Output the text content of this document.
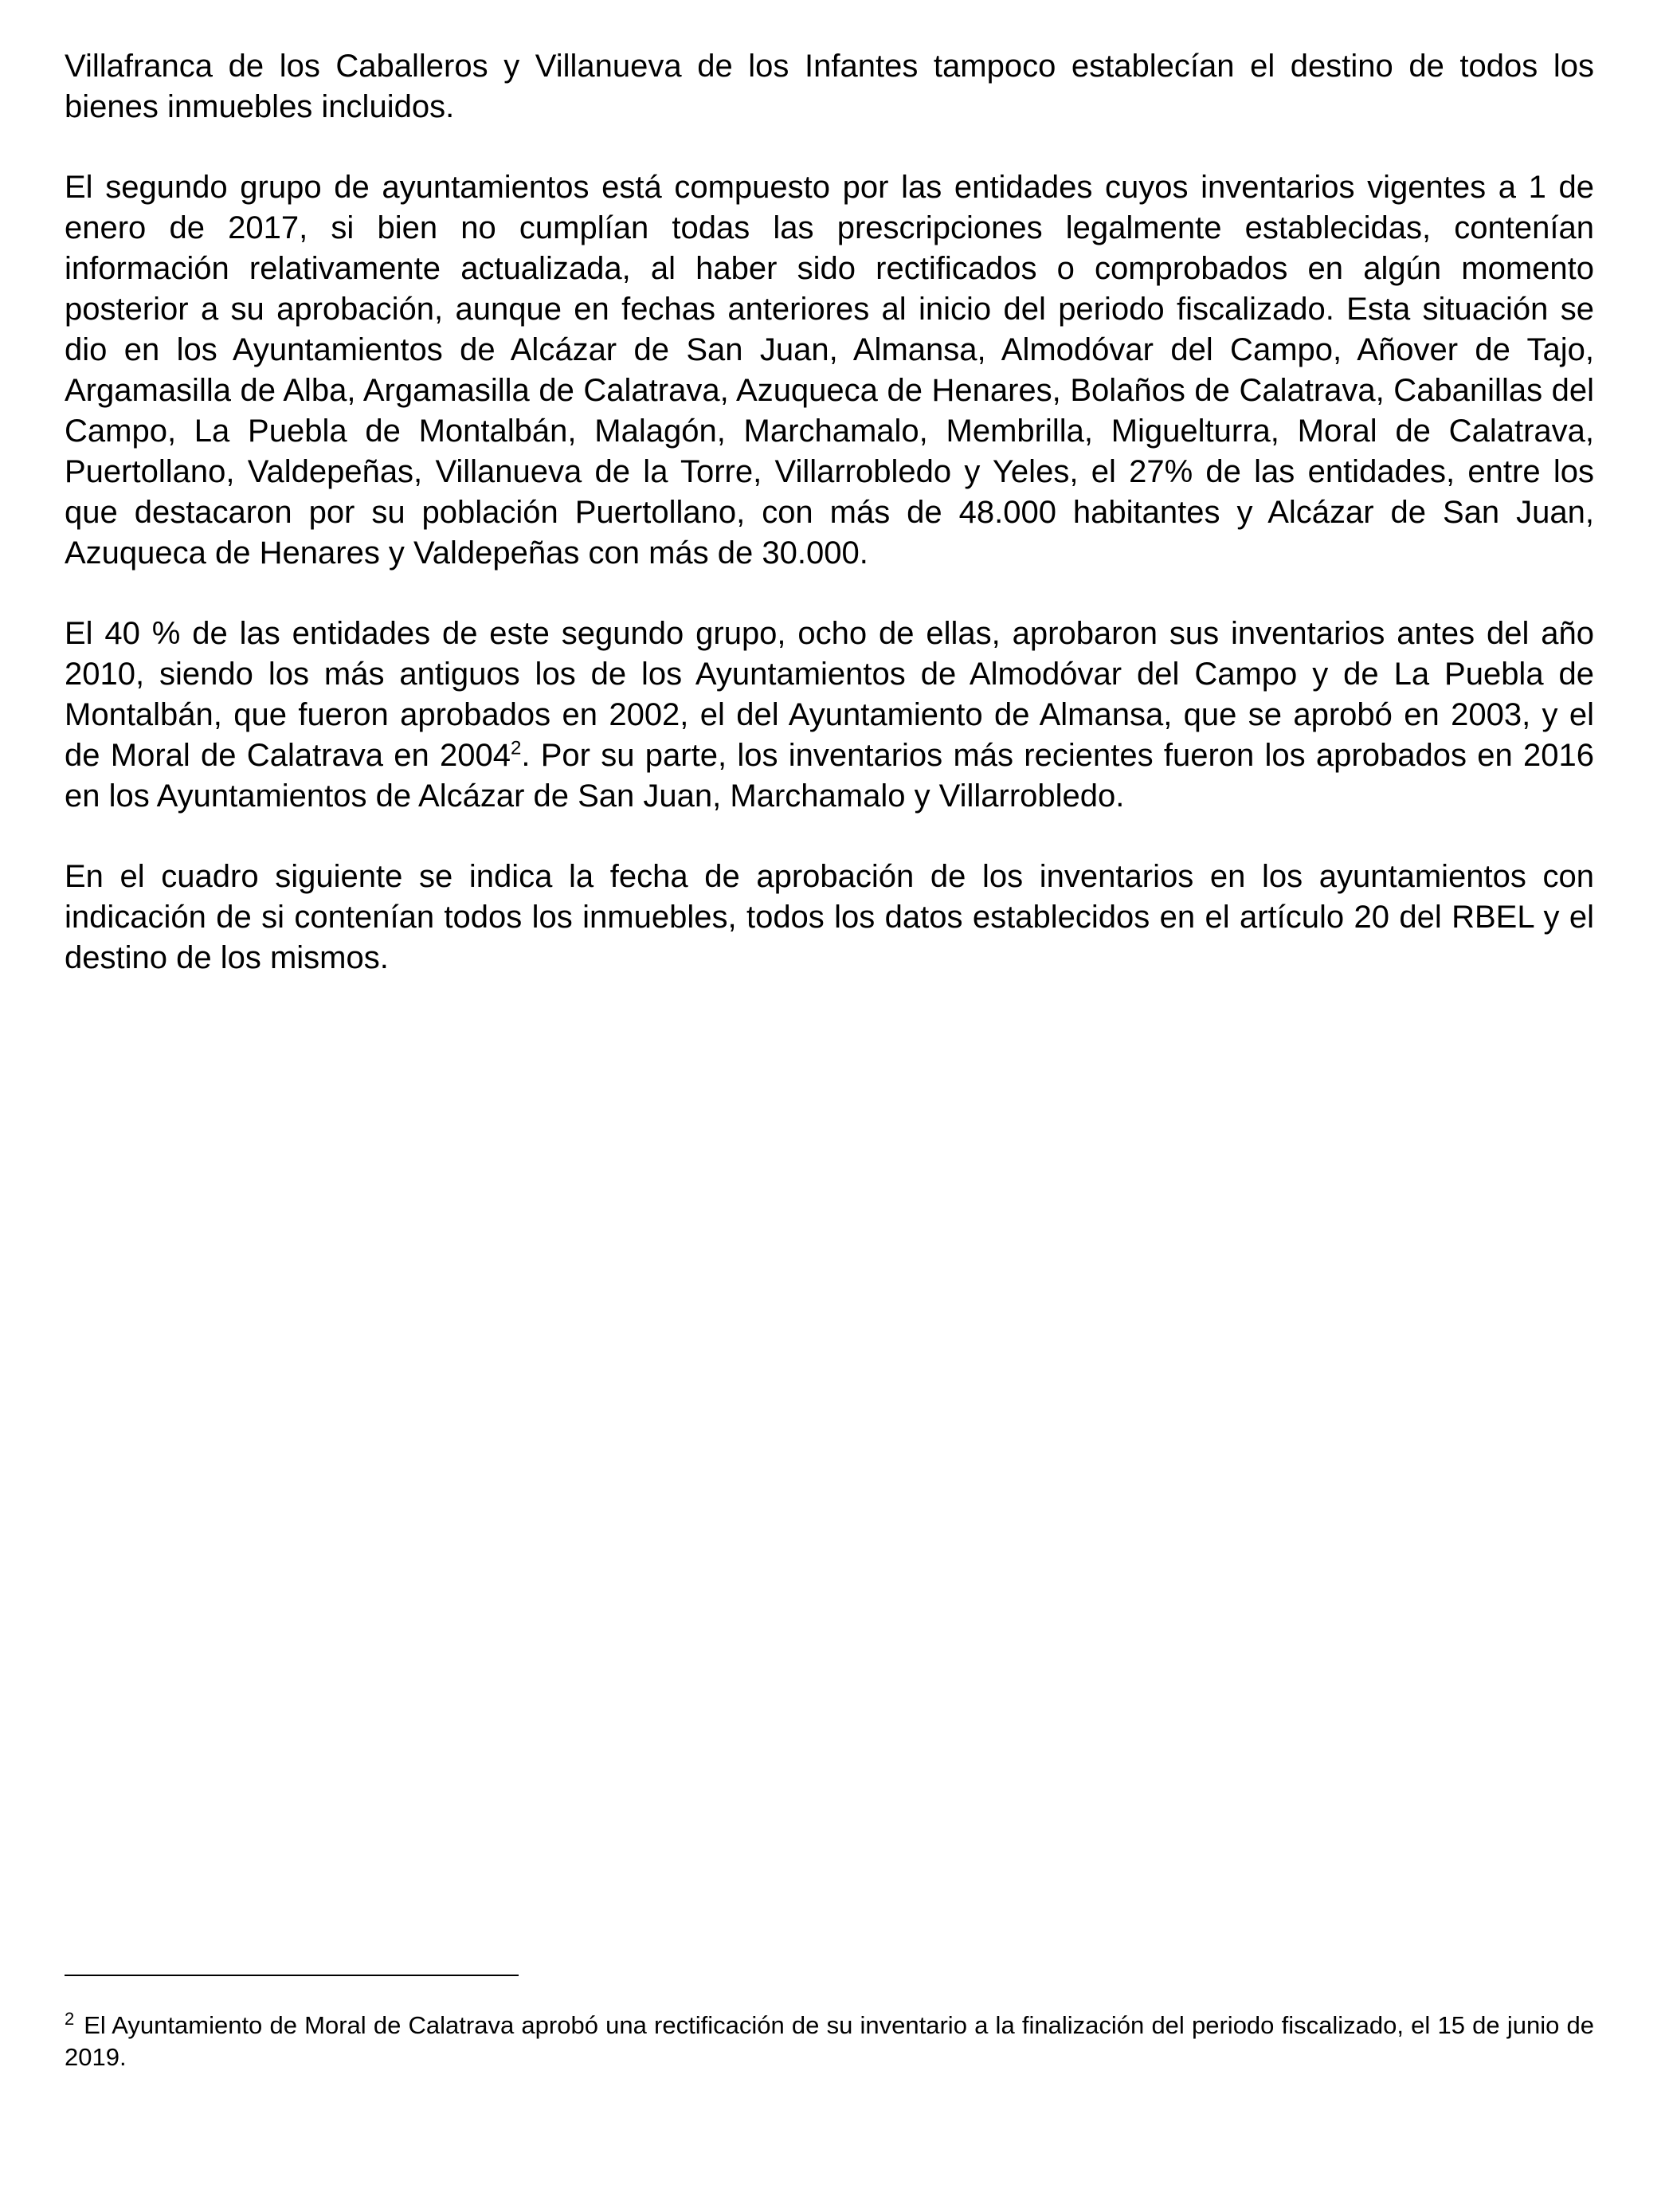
Villafranca de los Caballeros y Villanueva de los Infantes tampoco establecían el destino de todos los bienes inmuebles incluidos.

El segundo grupo de ayuntamientos está compuesto por las entidades cuyos inventarios vigentes a 1 de enero de 2017, si bien no cumplían todas las prescripciones legalmente establecidas, contenían información relativamente actualizada, al haber sido rectificados o comprobados en algún momento posterior a su aprobación, aunque en fechas anteriores al inicio del periodo fiscalizado. Esta situación se dio en los Ayuntamientos de Alcázar de San Juan, Almansa, Almodóvar del Campo, Añover de Tajo, Argamasilla de Alba, Argamasilla de Calatrava, Azuqueca de Henares, Bolaños de Calatrava, Cabanillas del Campo, La Puebla de Montalbán, Malagón, Marchamalo, Membrilla, Miguelturra, Moral de Calatrava, Puertollano, Valdepeñas, Villanueva de la Torre, Villarrobledo y Yeles, el 27% de las entidades, entre los que destacaron por su población Puertollano, con más de 48.000 habitantes y Alcázar de San Juan, Azuqueca de Henares y Valdepeñas con más de 30.000.

El 40 % de las entidades de este segundo grupo, ocho de ellas, aprobaron sus inventarios antes del año 2010, siendo los más antiguos los de los Ayuntamientos de Almodóvar del Campo y de La Puebla de Montalbán, que fueron aprobados en 2002, el del Ayuntamiento de Almansa, que se aprobó en 2003, y el de Moral de Calatrava en 2004$^2$. Por su parte, los inventarios más recientes fueron los aprobados en 2016 en los Ayuntamientos de Alcázar de San Juan, Marchamalo y Villarrobledo.

En el cuadro siguiente se indica la fecha de aprobación de los inventarios en los ayuntamientos con indicación de si contenían todos los inmuebles, todos los datos establecidos en el artículo 20 del RBEL y el destino de los mismos.

$^2$ El Ayuntamiento de Moral de Calatrava aprobó una rectificación de su inventario a la finalización del periodo fiscalizado, el 15 de junio de 2019.
